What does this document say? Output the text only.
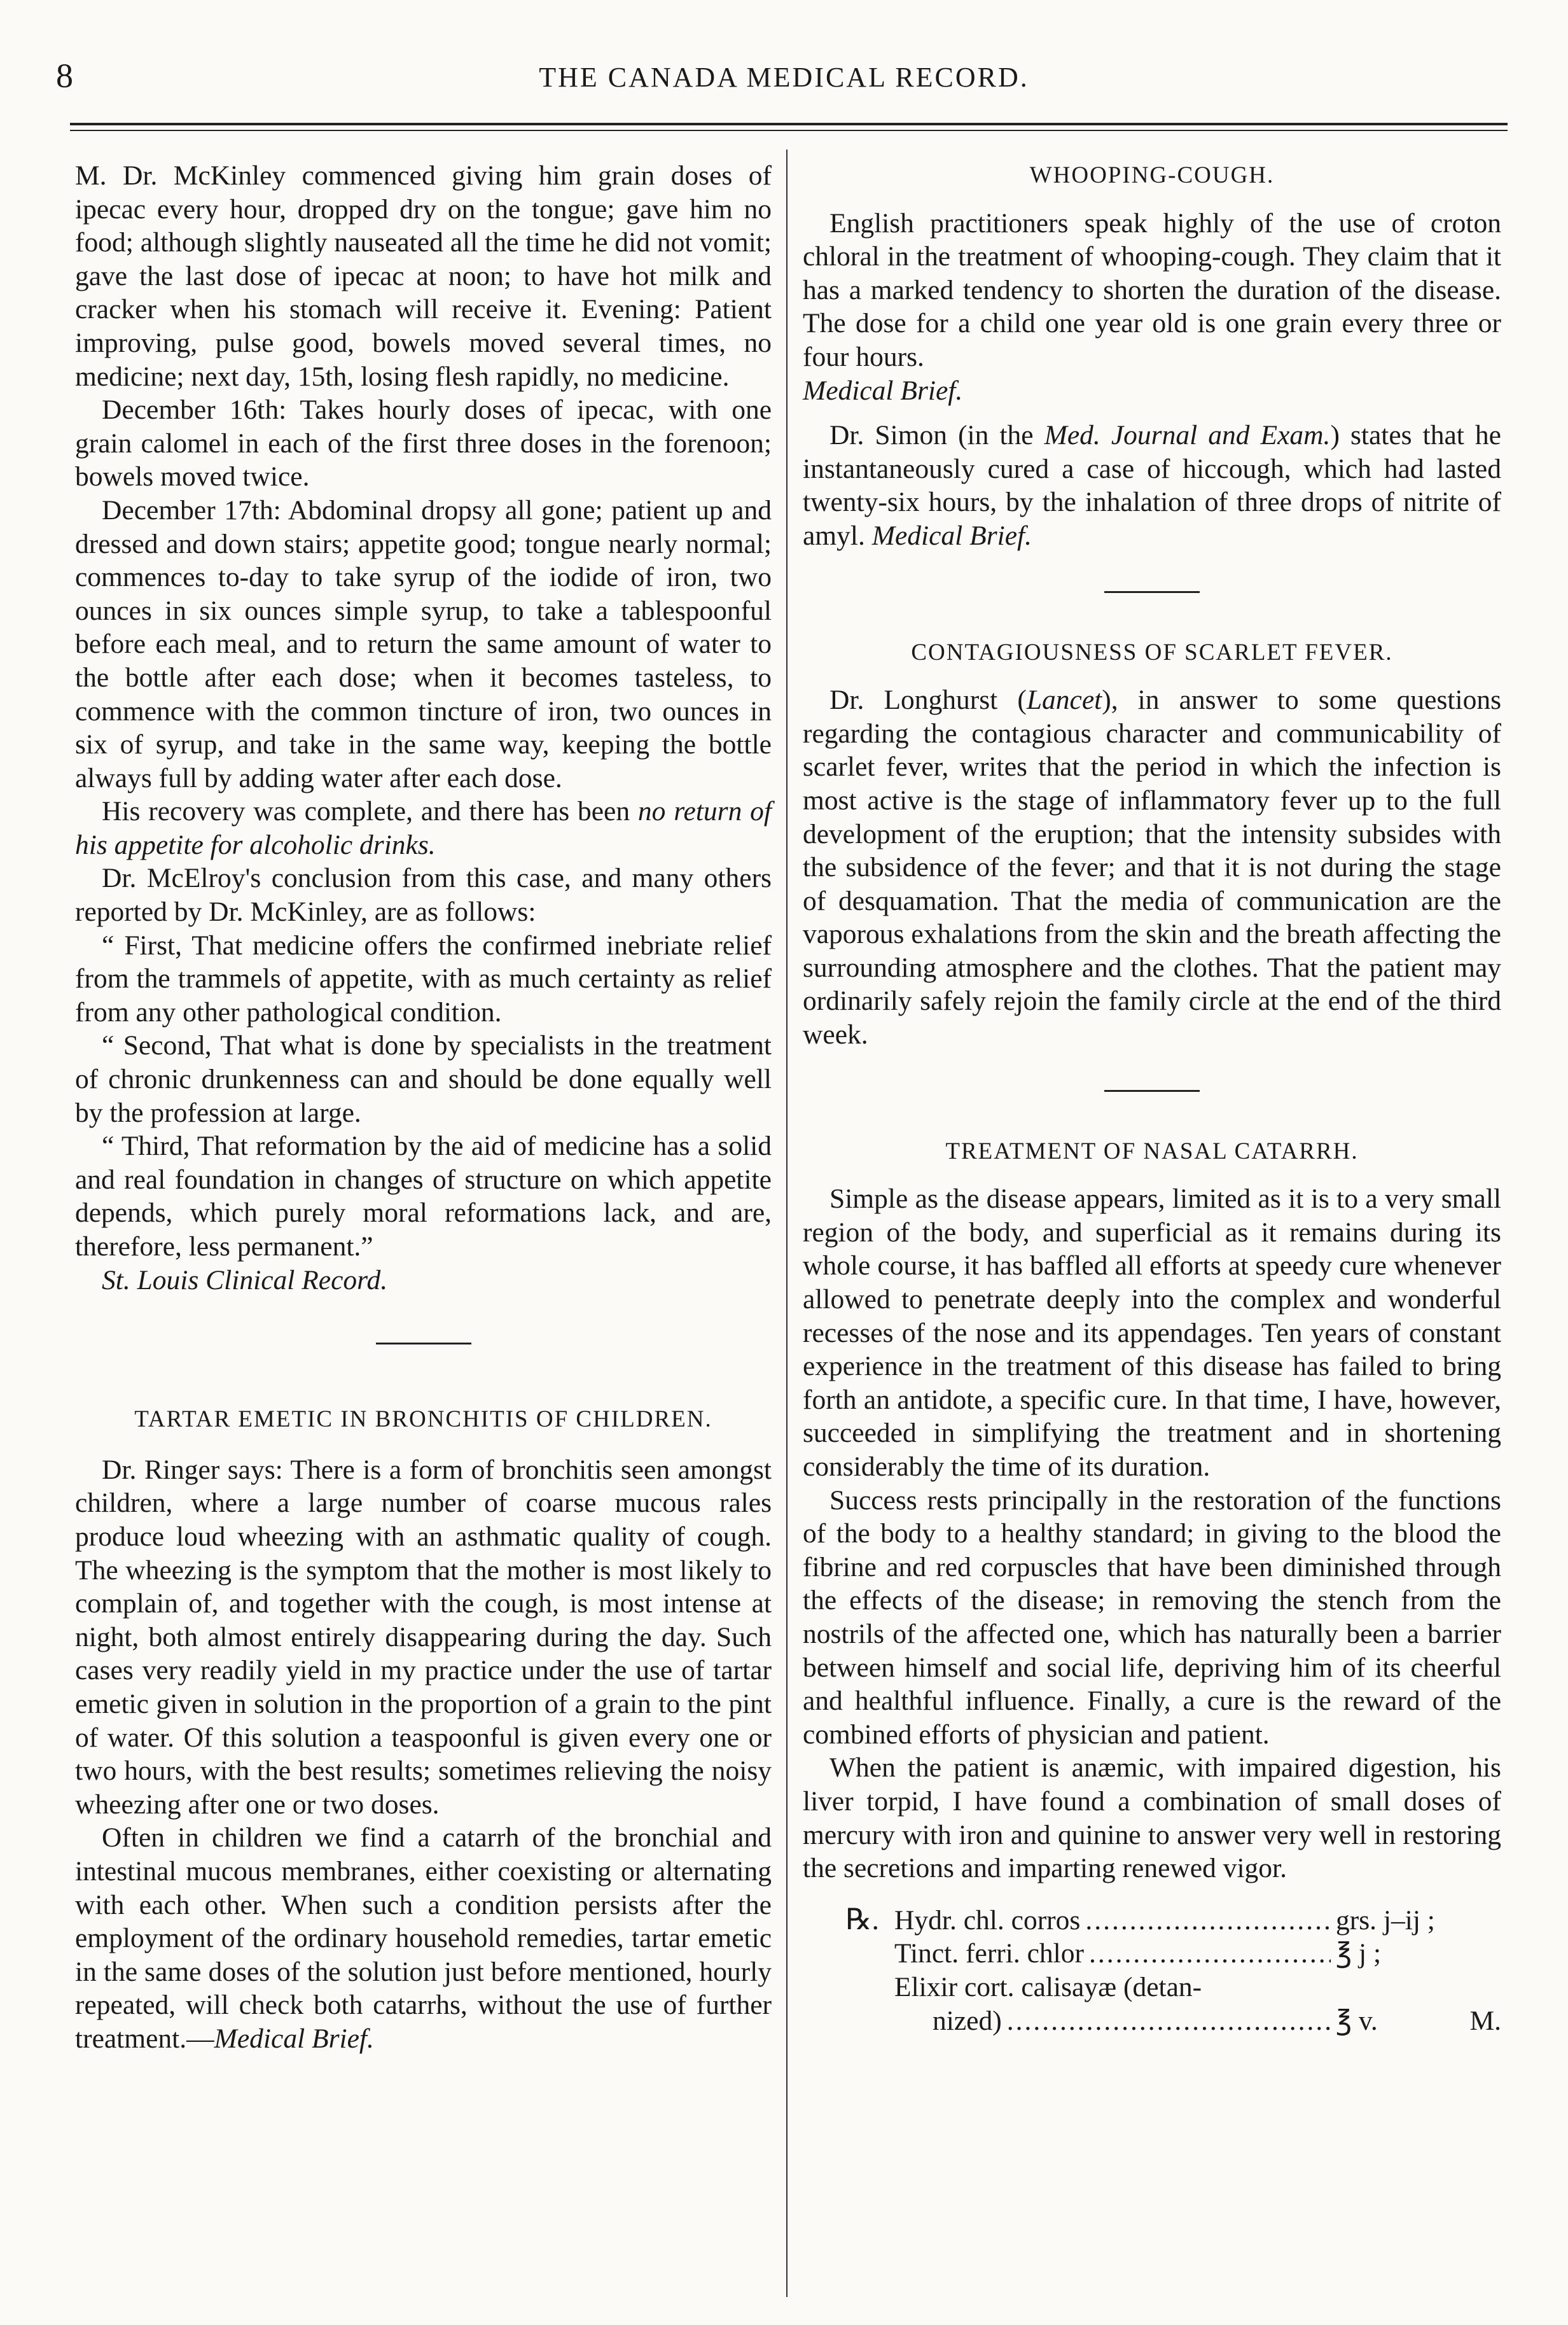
8	THE CANADA MEDICAL RECORD.

M. Dr. McKinley commenced giving him grain doses of ipecac every hour, dropped dry on the tongue; gave him no food; although slightly nauseated all the time he did not vomit; gave the last dose of ipecac at noon; to have hot milk and cracker when his stomach will receive it. Evening: Patient improving, pulse good, bowels moved several times, no medicine; next day, 15th, losing flesh rapidly, no medicine.

December 16th: Takes hourly doses of ipecac, with one grain calomel in each of the first three doses in the forenoon; bowels moved twice.

December 17th: Abdominal dropsy all gone; patient up and dressed and down stairs; appetite good; tongue nearly normal; commences to-day to take syrup of the iodide of iron, two ounces in six ounces simple syrup, to take a tablespoonful before each meal, and to return the same amount of water to the bottle after each dose; when it becomes tasteless, to commence with the common tincture of iron, two ounces in six of syrup, and take in the same way, keeping the bottle always full by adding water after each dose.

His recovery was complete, and there has been no return of his appetite for alcoholic drinks.

Dr. McElroy's conclusion from this case, and many others reported by Dr. McKinley, are as follows:

“ First, That medicine offers the confirmed inebriate relief from the trammels of appetite, with as much certainty as relief from any other pathological condition.

“ Second, That what is done by specialists in the treatment of chronic drunkenness can and should be done equally well by the profession at large.

“ Third, That reformation by the aid of medicine has a solid and real foundation in changes of structure on which appetite depends, which purely moral reformations lack, and are, therefore, less permanent.”

St. Louis Clinical Record.

TARTAR EMETIC IN BRONCHITIS OF CHILDREN.

Dr. Ringer says: There is a form of bronchitis seen amongst children, where a large number of coarse mucous rales produce loud wheezing with an asthmatic quality of cough. The wheezing is the symptom that the mother is most likely to complain of, and together with the cough, is most intense at night, both almost entirely disappearing during the day. Such cases very readily yield in my practice under the use of tartar emetic given in solution in the proportion of a grain to the pint of water. Of this solution a teaspoonful is given every one or two hours, with the best results; sometimes relieving the noisy wheezing after one or two doses.

Often in children we find a catarrh of the bronchial and intestinal mucous membranes, either coexisting or alternating with each other. When such a condition persists after the employment of the ordinary household remedies, tartar emetic in the same doses of the solution just before mentioned, hourly repeated, will check both catarrhs, without the use of further treatment.—Medical Brief.

WHOOPING-COUGH.

English practitioners speak highly of the use of croton chloral in the treatment of whooping-cough. They claim that it has a marked tendency to shorten the duration of the disease. The dose for a child one year old is one grain every three or four hours.

Medical Brief.

Dr. Simon (in the Med. Journal and Exam.) states that he instantaneously cured a case of hiccough, which had lasted twenty-six hours, by the inhalation of three drops of nitrite of amyl. Medical Brief.

CONTAGIOUSNESS OF SCARLET FEVER.

Dr. Longhurst (Lancet), in answer to some questions regarding the contagious character and communicability of scarlet fever, writes that the period in which the infection is most active is the stage of inflammatory fever up to the full development of the eruption; that the intensity subsides with the subsidence of the fever; and that it is not during the stage of desquamation. That the media of communication are the vaporous exhalations from the skin and the breath affecting the surrounding atmosphere and the clothes. That the patient may ordinarily safely rejoin the family circle at the end of the third week.

TREATMENT OF NASAL CATARRH.

Simple as the disease appears, limited as it is to a very small region of the body, and superficial as it remains during its whole course, it has baffled all efforts at speedy cure whenever allowed to penetrate deeply into the complex and wonderful recesses of the nose and its appendages. Ten years of constant experience in the treatment of this disease has failed to bring forth an antidote, a specific cure. In that time, I have, however, succeeded in simplifying the treatment and in shortening considerably the time of its duration.

Success rests principally in the restoration of the functions of the body to a healthy standard; in giving to the blood the fibrine and red corpuscles that have been diminished through the effects of the disease; in removing the stench from the nostrils of the affected one, which has naturally been a barrier between himself and social life, depriving him of its cheerful and healthful influence. Finally, a cure is the reward of the combined efforts of physician and patient.

When the patient is anæmic, with impaired digestion, his liver torpid, I have found a combination of small doses of mercury with iron and quinine to answer very well in restoring the secretions and imparting renewed vigor.

℞. Hydr. chl. corros .....	grs. j–ij ;
Tinct. ferri. chlor .....	℥ j ;
Elixir cort. calisayæ (detan-
nized) .....	℥ v.	M.
